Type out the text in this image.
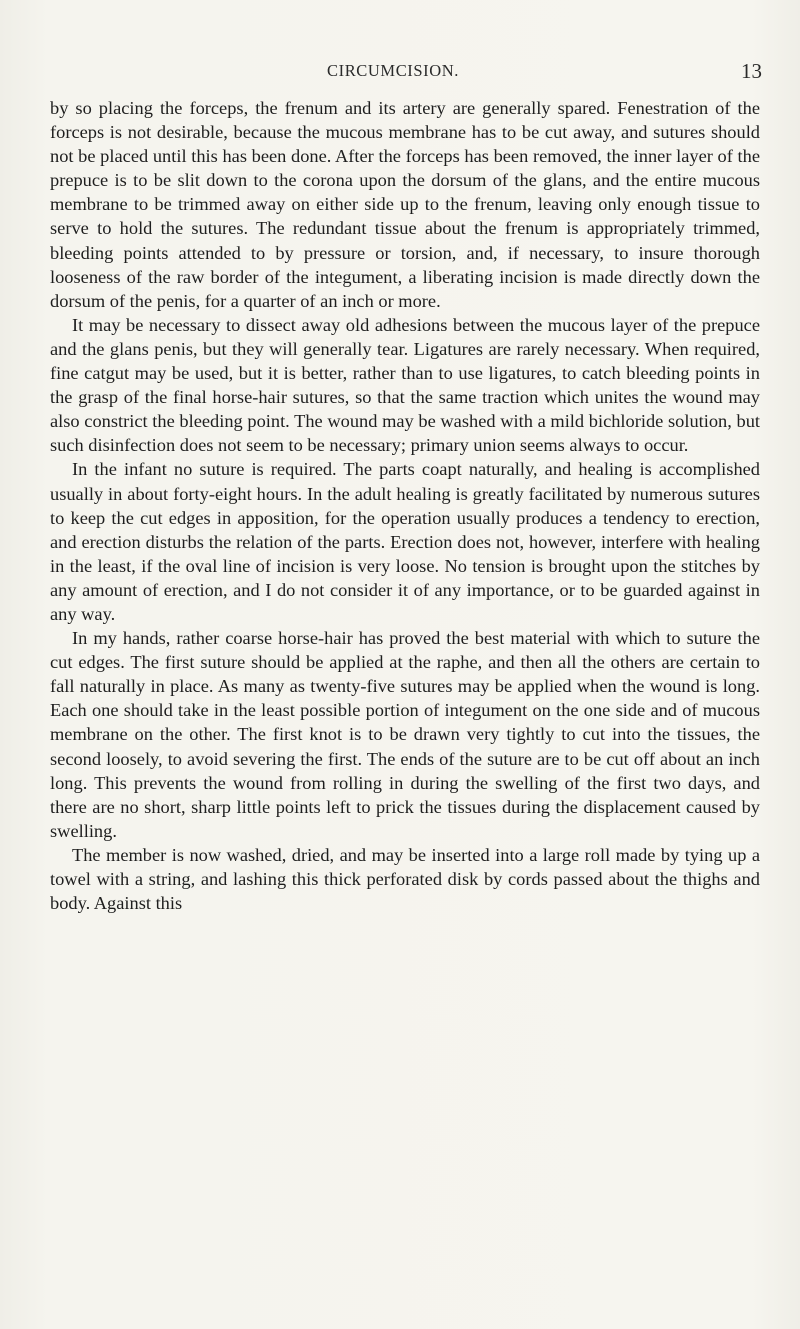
CIRCUMCISION.	13

by so placing the forceps, the frenum and its artery are generally spared. Fenestration of the forceps is not desirable, because the mucous membrane has to be cut away, and sutures should not be placed until this has been done. After the forceps has been removed, the inner layer of the prepuce is to be slit down to the corona upon the dorsum of the glans, and the entire mucous membrane to be trimmed away on either side up to the frenum, leaving only enough tissue to serve to hold the sutures. The redundant tissue about the frenum is appropriately trimmed, bleeding points attended to by pressure or torsion, and, if necessary, to insure thorough looseness of the raw border of the integument, a liberating incision is made directly down the dorsum of the penis, for a quarter of an inch or more.

It may be necessary to dissect away old adhesions between the mucous layer of the prepuce and the glans penis, but they will generally tear. Ligatures are rarely necessary. When required, fine catgut may be used, but it is better, rather than to use ligatures, to catch bleeding points in the grasp of the final horse-hair sutures, so that the same traction which unites the wound may also constrict the bleeding point. The wound may be washed with a mild bichloride solution, but such disinfection does not seem to be necessary; primary union seems always to occur.

In the infant no suture is required. The parts coapt naturally, and healing is accomplished usually in about forty-eight hours. In the adult healing is greatly facilitated by numerous sutures to keep the cut edges in apposition, for the operation usually produces a tendency to erection, and erection disturbs the relation of the parts. Erection does not, however, interfere with healing in the least, if the oval line of incision is very loose. No tension is brought upon the stitches by any amount of erection, and I do not consider it of any importance, or to be guarded against in any way.

In my hands, rather coarse horse-hair has proved the best material with which to suture the cut edges. The first suture should be applied at the raphe, and then all the others are certain to fall naturally in place. As many as twenty-five sutures may be applied when the wound is long. Each one should take in the least possible portion of integument on the one side and of mucous membrane on the other. The first knot is to be drawn very tightly to cut into the tissues, the second loosely, to avoid severing the first. The ends of the suture are to be cut off about an inch long. This prevents the wound from rolling in during the swelling of the first two days, and there are no short, sharp little points left to prick the tissues during the displacement caused by swelling.

The member is now washed, dried, and may be inserted into a large roll made by tying up a towel with a string, and lashing this thick perforated disk by cords passed about the thighs and body. Against this
